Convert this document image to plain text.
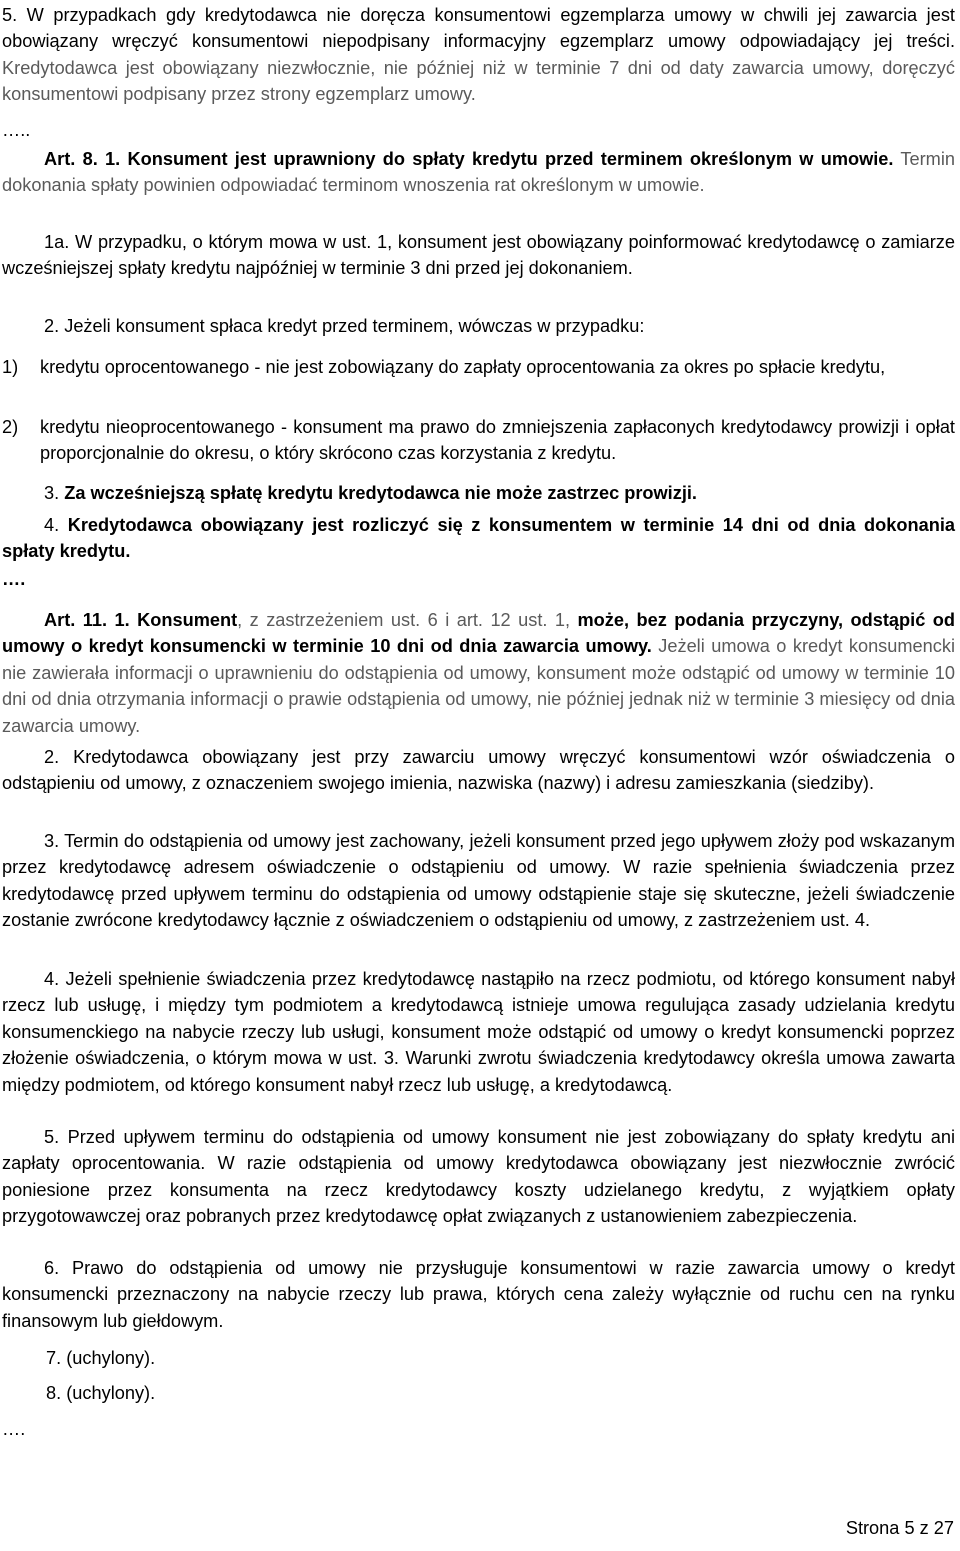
5. W przypadkach gdy kredytodawca nie doręcza konsumentowi egzemplarza umowy w chwili jej zawarcia jest obowiązany wręczyć konsumentowi niepodpisany informacyjny egzemplarz umowy odpowiadający jej treści. Kredytodawca jest obowiązany niezwłocznie, nie później niż w terminie 7 dni od daty zawarcia umowy, doręczyć konsumentowi podpisany przez strony egzemplarz umowy.

…..

Art. 8. 1. Konsument jest uprawniony do spłaty kredytu przed terminem określonym w umowie. Termin dokonania spłaty powinien odpowiadać terminom wnoszenia rat określonym w umowie.

1a. W przypadku, o którym mowa w ust. 1, konsument jest obowiązany poinformować kredytodawcę o zamiarze wcześniejszej spłaty kredytu najpóźniej w terminie 3 dni przed jej dokonaniem.

2. Jeżeli konsument spłaca kredyt przed terminem, wówczas w przypadku:

1)	kredytu oprocentowanego - nie jest zobowiązany do zapłaty oprocentowania za okres po spłacie kredytu,
2)	kredytu nieoprocentowanego - konsument ma prawo do zmniejszenia zapłaconych kredytodawcy prowizji i opłat proporcjonalnie do okresu, o który skrócono czas korzystania z kredytu.

3. Za wcześniejszą spłatę kredytu kredytodawca nie może zastrzec prowizji.

4. Kredytodawca obowiązany jest rozliczyć się z konsumentem w terminie 14 dni od dnia dokonania spłaty kredytu.

….

Art. 11. 1. Konsument, z zastrzeżeniem ust. 6 i art. 12 ust. 1, może, bez podania przyczyny, odstąpić od umowy o kredyt konsumencki w terminie 10 dni od dnia zawarcia umowy. Jeżeli umowa o kredyt konsumencki nie zawierała informacji o uprawnieniu do odstąpienia od umowy, konsument może odstąpić od umowy w terminie 10 dni od dnia otrzymania informacji o prawie odstąpienia od umowy, nie później jednak niż w terminie 3 miesięcy od dnia zawarcia umowy.

2. Kredytodawca obowiązany jest przy zawarciu umowy wręczyć konsumentowi wzór oświadczenia o odstąpieniu od umowy, z oznaczeniem swojego imienia, nazwiska (nazwy) i adresu zamieszkania (siedziby).

3. Termin do odstąpienia od umowy jest zachowany, jeżeli konsument przed jego upływem złoży pod wskazanym przez kredytodawcę adresem oświadczenie o odstąpieniu od umowy. W razie spełnienia świadczenia przez kredytodawcę przed upływem terminu do odstąpienia od umowy odstąpienie staje się skuteczne, jeżeli świadczenie zostanie zwrócone kredytodawcy łącznie z oświadczeniem o odstąpieniu od umowy, z zastrzeżeniem ust. 4.

4. Jeżeli spełnienie świadczenia przez kredytodawcę nastąpiło na rzecz podmiotu, od którego konsument nabył rzecz lub usługę, i między tym podmiotem a kredytodawcą istnieje umowa regulująca zasady udzielania kredytu konsumenckiego na nabycie rzeczy lub usługi, konsument może odstąpić od umowy o kredyt konsumencki poprzez złożenie oświadczenia, o którym mowa w ust. 3. Warunki zwrotu świadczenia kredytodawcy określa umowa zawarta między podmiotem, od którego konsument nabył rzecz lub usługę, a kredytodawcą.

5. Przed upływem terminu do odstąpienia od umowy konsument nie jest zobowiązany do spłaty kredytu ani zapłaty oprocentowania. W razie odstąpienia od umowy kredytodawca obowiązany jest niezwłocznie zwrócić poniesione przez konsumenta na rzecz kredytodawcy koszty udzielanego kredytu, z wyjątkiem opłaty przygotowawczej oraz pobranych przez kredytodawcę opłat związanych z ustanowieniem zabezpieczenia.

6. Prawo do odstąpienia od umowy nie przysługuje konsumentowi w razie zawarcia umowy o kredyt konsumencki przeznaczony na nabycie rzeczy lub prawa, których cena zależy wyłącznie od ruchu cen na rynku finansowym lub giełdowym.

7. (uchylony).

8. (uchylony).

….

Strona 5 z 27
